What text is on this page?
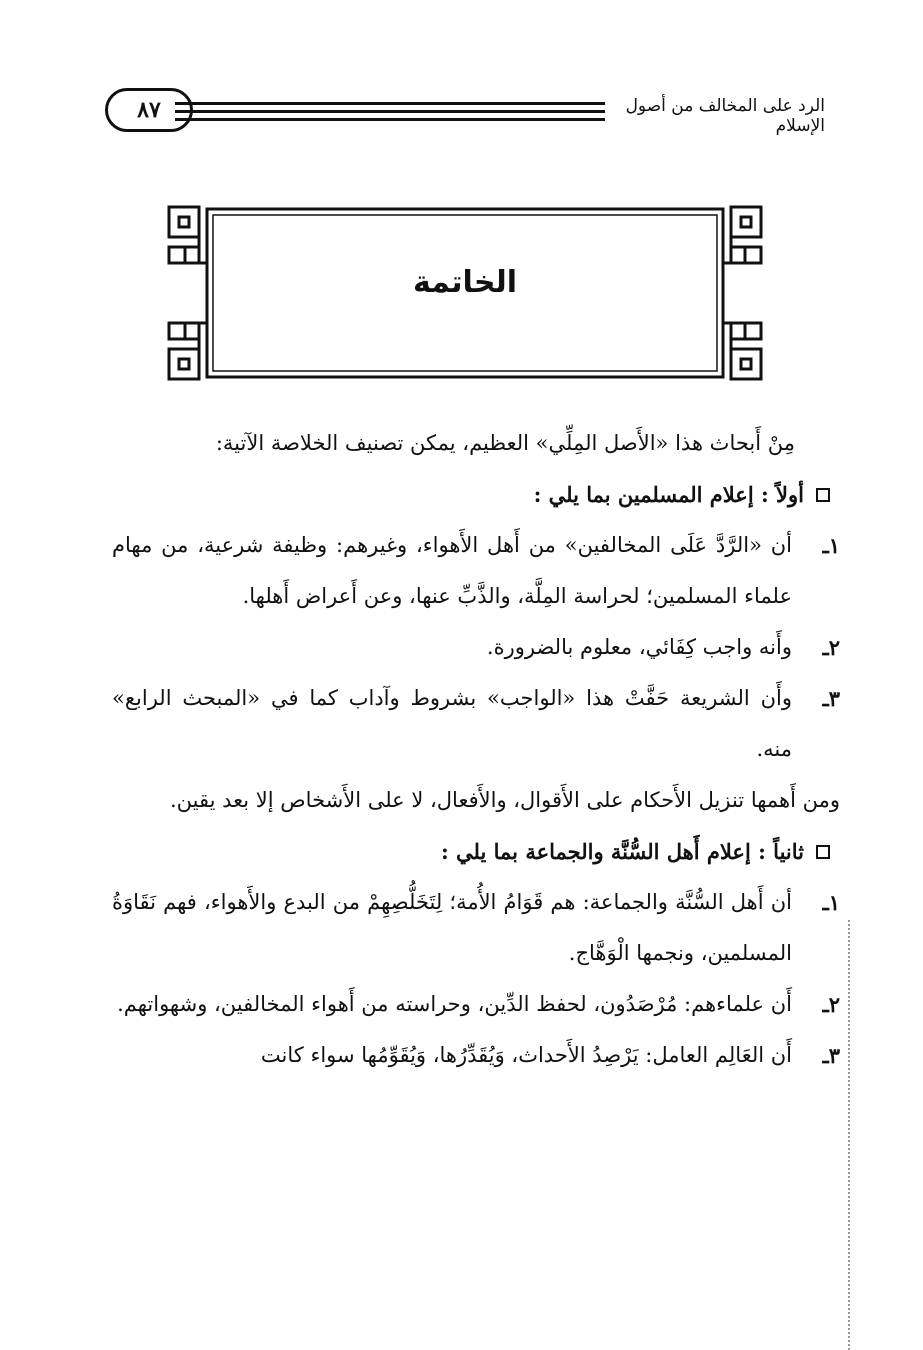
٨٧	الرد على المخالف من أصول الإسلام
الخاتمة

مِنْ أَبحاث هذا «الأَصل المِلِّي» العظيم، يمكن تصنيف الخلاصة الآتية:

أولاً : إعلام المسلمين بما يلي :
١ـ
أن «الرَّدَّ عَلَى المخالفين» من أَهل الأَهواء، وغيرهم: وظيفة شرعية، من مهام علماء المسلمين؛ لحراسة المِلَّة، والذَّبِّ عنها، وعن أَعراض أَهلها.
٢ـ
وأَنه واجب كِفَائي، معلوم بالضرورة.
٣ـ
وأَن الشريعة حَفَّتْ هذا «الواجب» بشروط وآداب كما في «المبحث الرابع» منه.

ومن أَهمها تنزيل الأَحكام على الأَقوال، والأَفعال، لا على الأَشخاص إلا بعد يقين.

ثانياً : إعلام أَهل السُّنَّة والجماعة بما يلي :
١ـ
أن أَهل السُّنَّة والجماعة: هم قَوَامُ الأُمة؛ لِتَخَلُّصِهِمْ من البدع والأَهواء، فهم نَقَاوَةُ المسلمين، ونجمها الْوَهَّاج.
٢ـ
أَن علماءهم: مُرْصَدُون، لحفظ الدِّين، وحراسته من أَهواء المخالفين، وشهواتهم.
٣ـ
أَن العَالِم العامل: يَرْصِدُ الأَحداث، وَيُقَدِّرُها، وَيُقَوِّمُها سواء كانت
